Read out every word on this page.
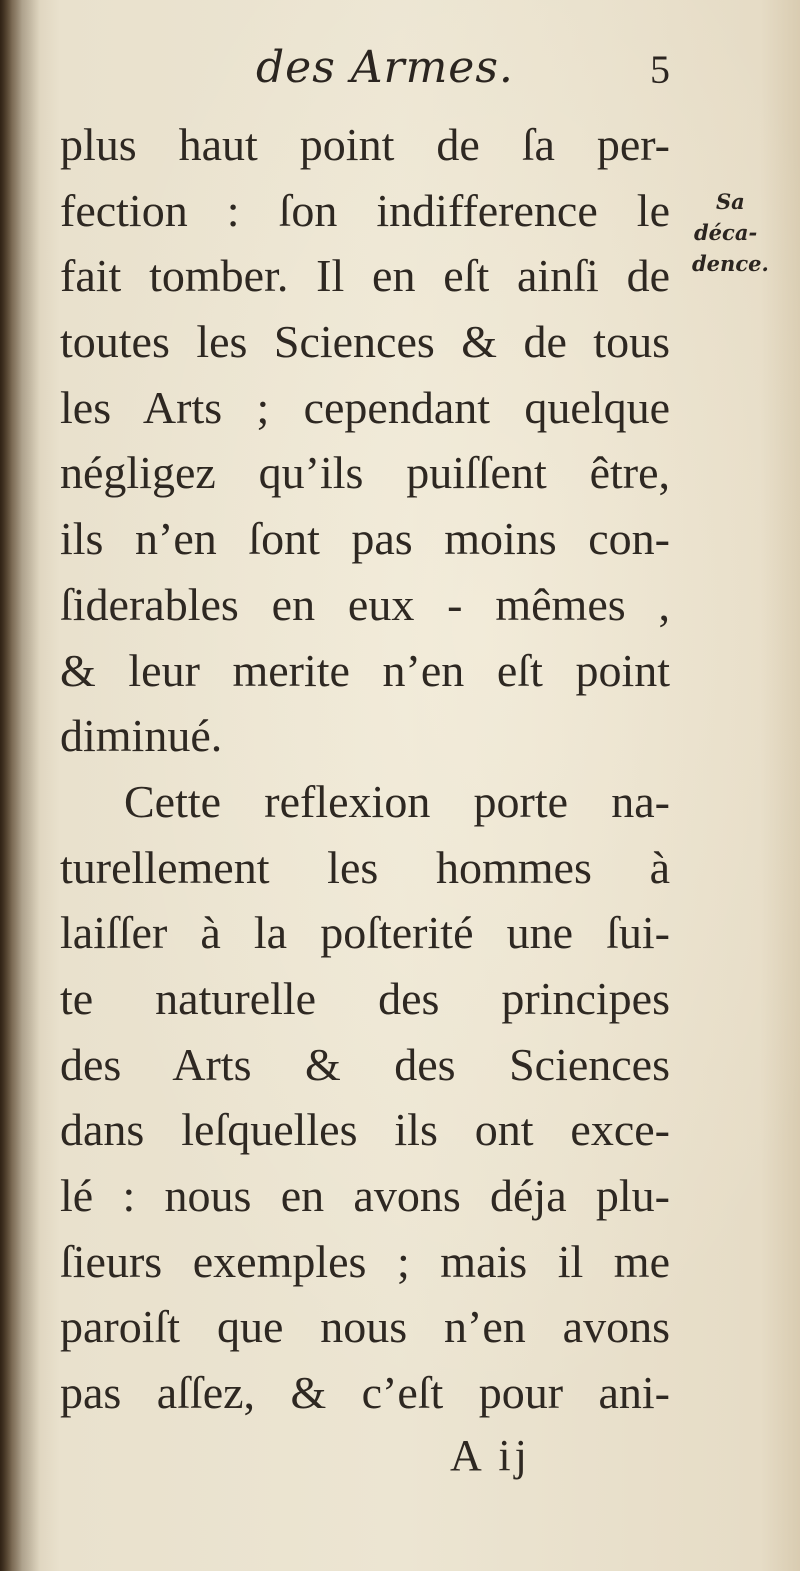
des Armes.	5
plus haut point de ſa per-
fection : ſon indifference le
fait tomber. Il en eſt ainſi de
toutes les Sciences & de tous
les Arts ; cependant quelque
négligez qu’ils puiſſent être,
ils n’en ſont pas moins con-
ſiderables en eux - mêmes ,
& leur merite n’en eſt point
diminué.
Cette reflexion porte na-
turellement les hommes à
laiſſer à la poſterité une ſui-
te naturelle des principes
des Arts & des Sciences
dans leſquelles ils ont exce-
lé : nous en avons déja plu-
ſieurs exemples ; mais il me
paroiſt que nous n’en avons
pas aſſez, & c’eſt pour ani-
Sa
déca-
dence.
A ij
